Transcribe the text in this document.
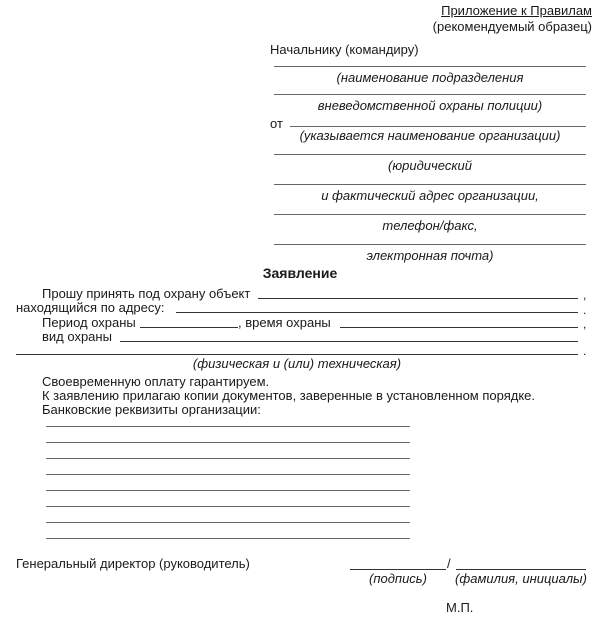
Приложение к Правилам
(рекомендуемый образец)
Начальнику (командиру)
(наименование подразделения
вневедомственной охраны полиции)
от
(указывается наименование организации)
(юридический
и фактический адрес организации,
телефон/факс,
электронная почта)
Заявление
Прошу принять под охрану объект	,
находящийся по адресу:	.
Период охраны	, время охраны	,
вид охраны
.
(физическая и (или) техническая)
Своевременную оплату гарантируем.
К заявлению прилагаю копии документов, заверенные в установленном порядке.
Банковские реквизиты организации:
Генеральный директор (руководитель)	/
(подпись)	(фамилия, инициалы)
М.П.
